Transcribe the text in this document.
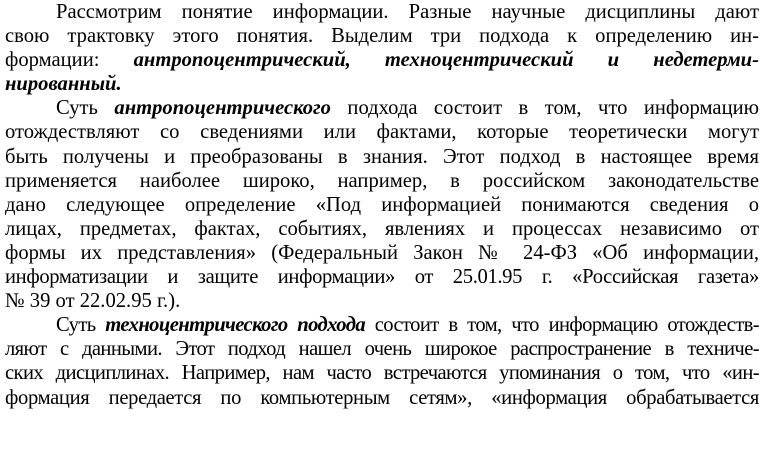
Рассмотрим понятие информации. Разные научные дисциплины дают
свою трактовку этого понятия. Выделим три подхода к определению ин-
формации: антропоцентрический, техноцентрический и недетерми-
нированный.
Суть антропоцентрического подхода состоит в том, что информацию
отождествляют со сведениями или фактами, которые теоретически могут
быть получены и преобразованы в знания. Этот подход в настоящее время
применяется наиболее широко, например, в российском законодательстве
дано следующее определение «Под информацией понимаются сведения о
лицах, предметах, фактах, событиях, явлениях и процессах независимо от
формы их представления» (Федеральный Закон № 24-ФЗ «Об информации,
информатизации и защите информации» от 25.01.95 г. «Российская газета»
№ 39 от 22.02.95 г.).
Суть техноцентрического подхода состоит в том, что информацию отождеств-
ляют с данными. Этот подход нашел очень широкое распространение в техниче-
ских дисциплинах. Например, нам часто встречаются упоминания о том, что «ин-
формация передается по компьютерным сетям», «информация обрабатывается
